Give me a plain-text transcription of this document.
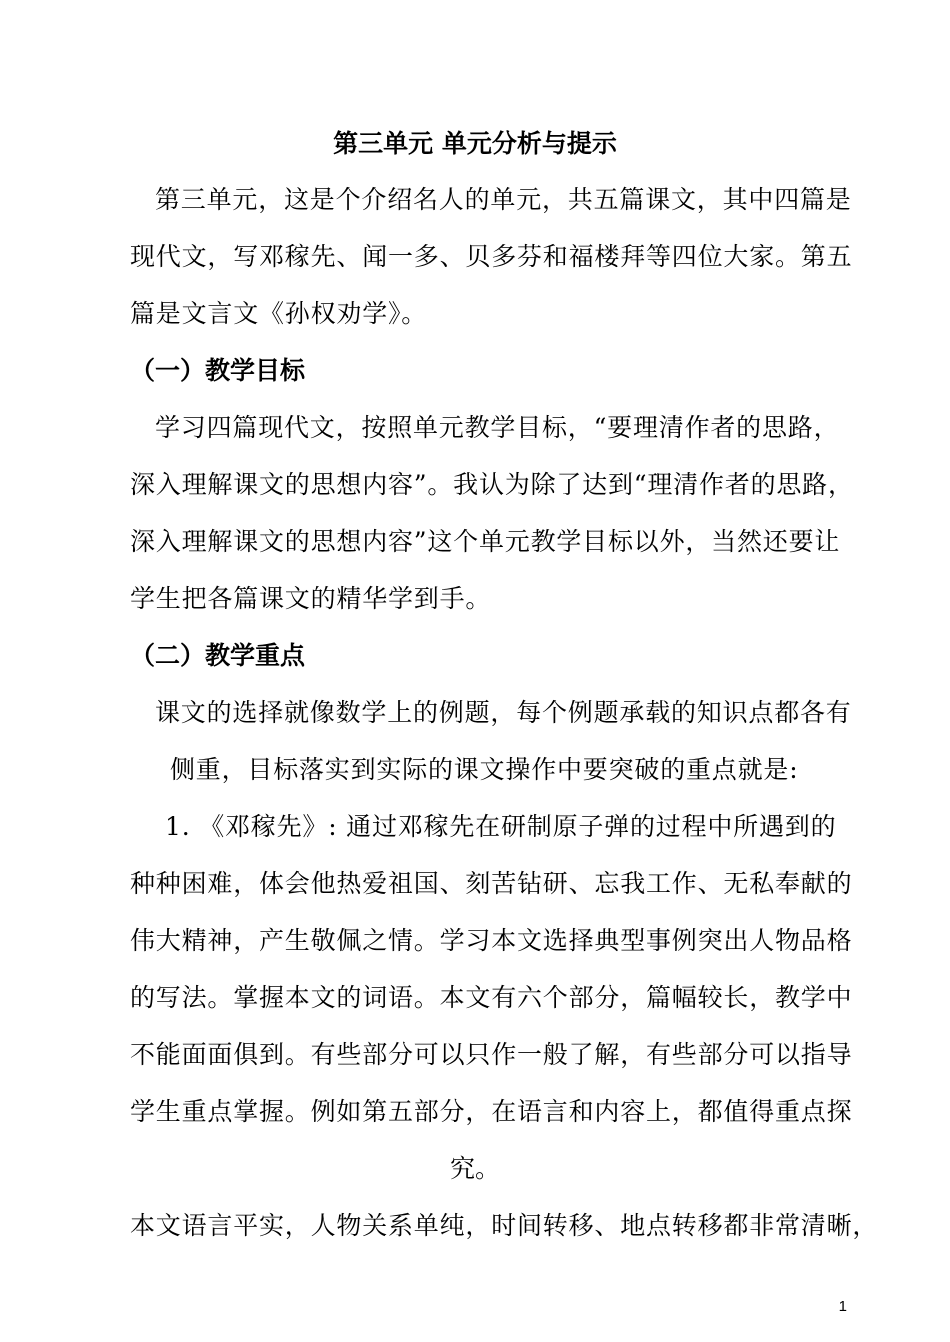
第三单元 单元分析与提示
第三单元，这是个介绍名人的单元，共五篇课文，其中四篇是
现代文，写邓稼先、闻一多、贝多芬和福楼拜等四位大家。第五
篇是文言文《孙权劝学》。
（一）教学目标
学习四篇现代文，按照单元教学目标，“要理清作者的思路，
深入理解课文的思想内容”。我认为除了达到“理清作者的思路，
深入理解课文的思想内容”这个单元教学目标以外，当然还要让
学生把各篇课文的精华学到手。
（二）教学重点
课文的选择就像数学上的例题，每个例题承载的知识点都各有
侧重，目标落实到实际的课文操作中要突破的重点就是:
1. 《邓稼先》: 通过邓稼先在研制原子弹的过程中所遇到的
种种困难，体会他热爱祖国、刻苦钻研、忘我工作、无私奉献的
伟大精神，产生敬佩之情。学习本文选择典型事例突出人物品格
的写法。掌握本文的词语。本文有六个部分，篇幅较长，教学中
不能面面俱到。有些部分可以只作一般了解，有些部分可以指导
学生重点掌握。例如第五部分，在语言和内容上，都值得重点探
究。
本文语言平实，人物关系单纯，时间转移、地点转移都非常清晰，
1
